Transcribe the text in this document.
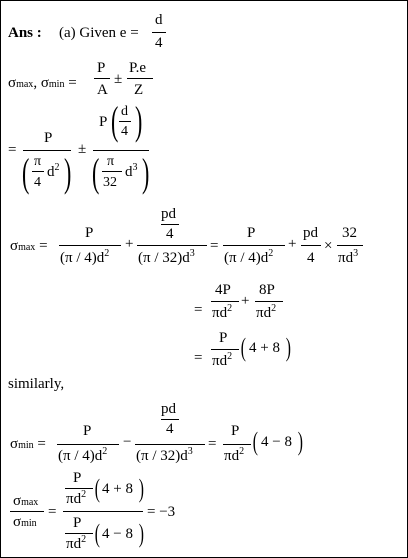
Ans : (a) Given e =
d
4
σmax, σmin =
P
A
±
P.e
Z
=
P
( π
4
$d^2$ )
±
P ( d
4 )
( π
32
$d^3$ )
σmax =
P
$(\pi / 4)d^2$
+
pd
4
$(\pi / 32)d^3$ =
P
$(\pi / 4)d^2$
+
pd
4
×
32
$\pi d^3$
=
4P
$\pi d^2$ +
8P
$\pi d^2$
=
P
$\pi d^2$ ( 4 + 8 )
similarly,
σmin =
P
$(\pi / 4)d^2$
−
pd
4
$(\pi / 32)d^3$ =
P
$\pi d^2$ ( 4 − 8 )
σmax
σmin
=
P
$\pi d^2$ ( 4 + 8 )
P
$\pi d^2$ ( 4 − 8 )
= −3
